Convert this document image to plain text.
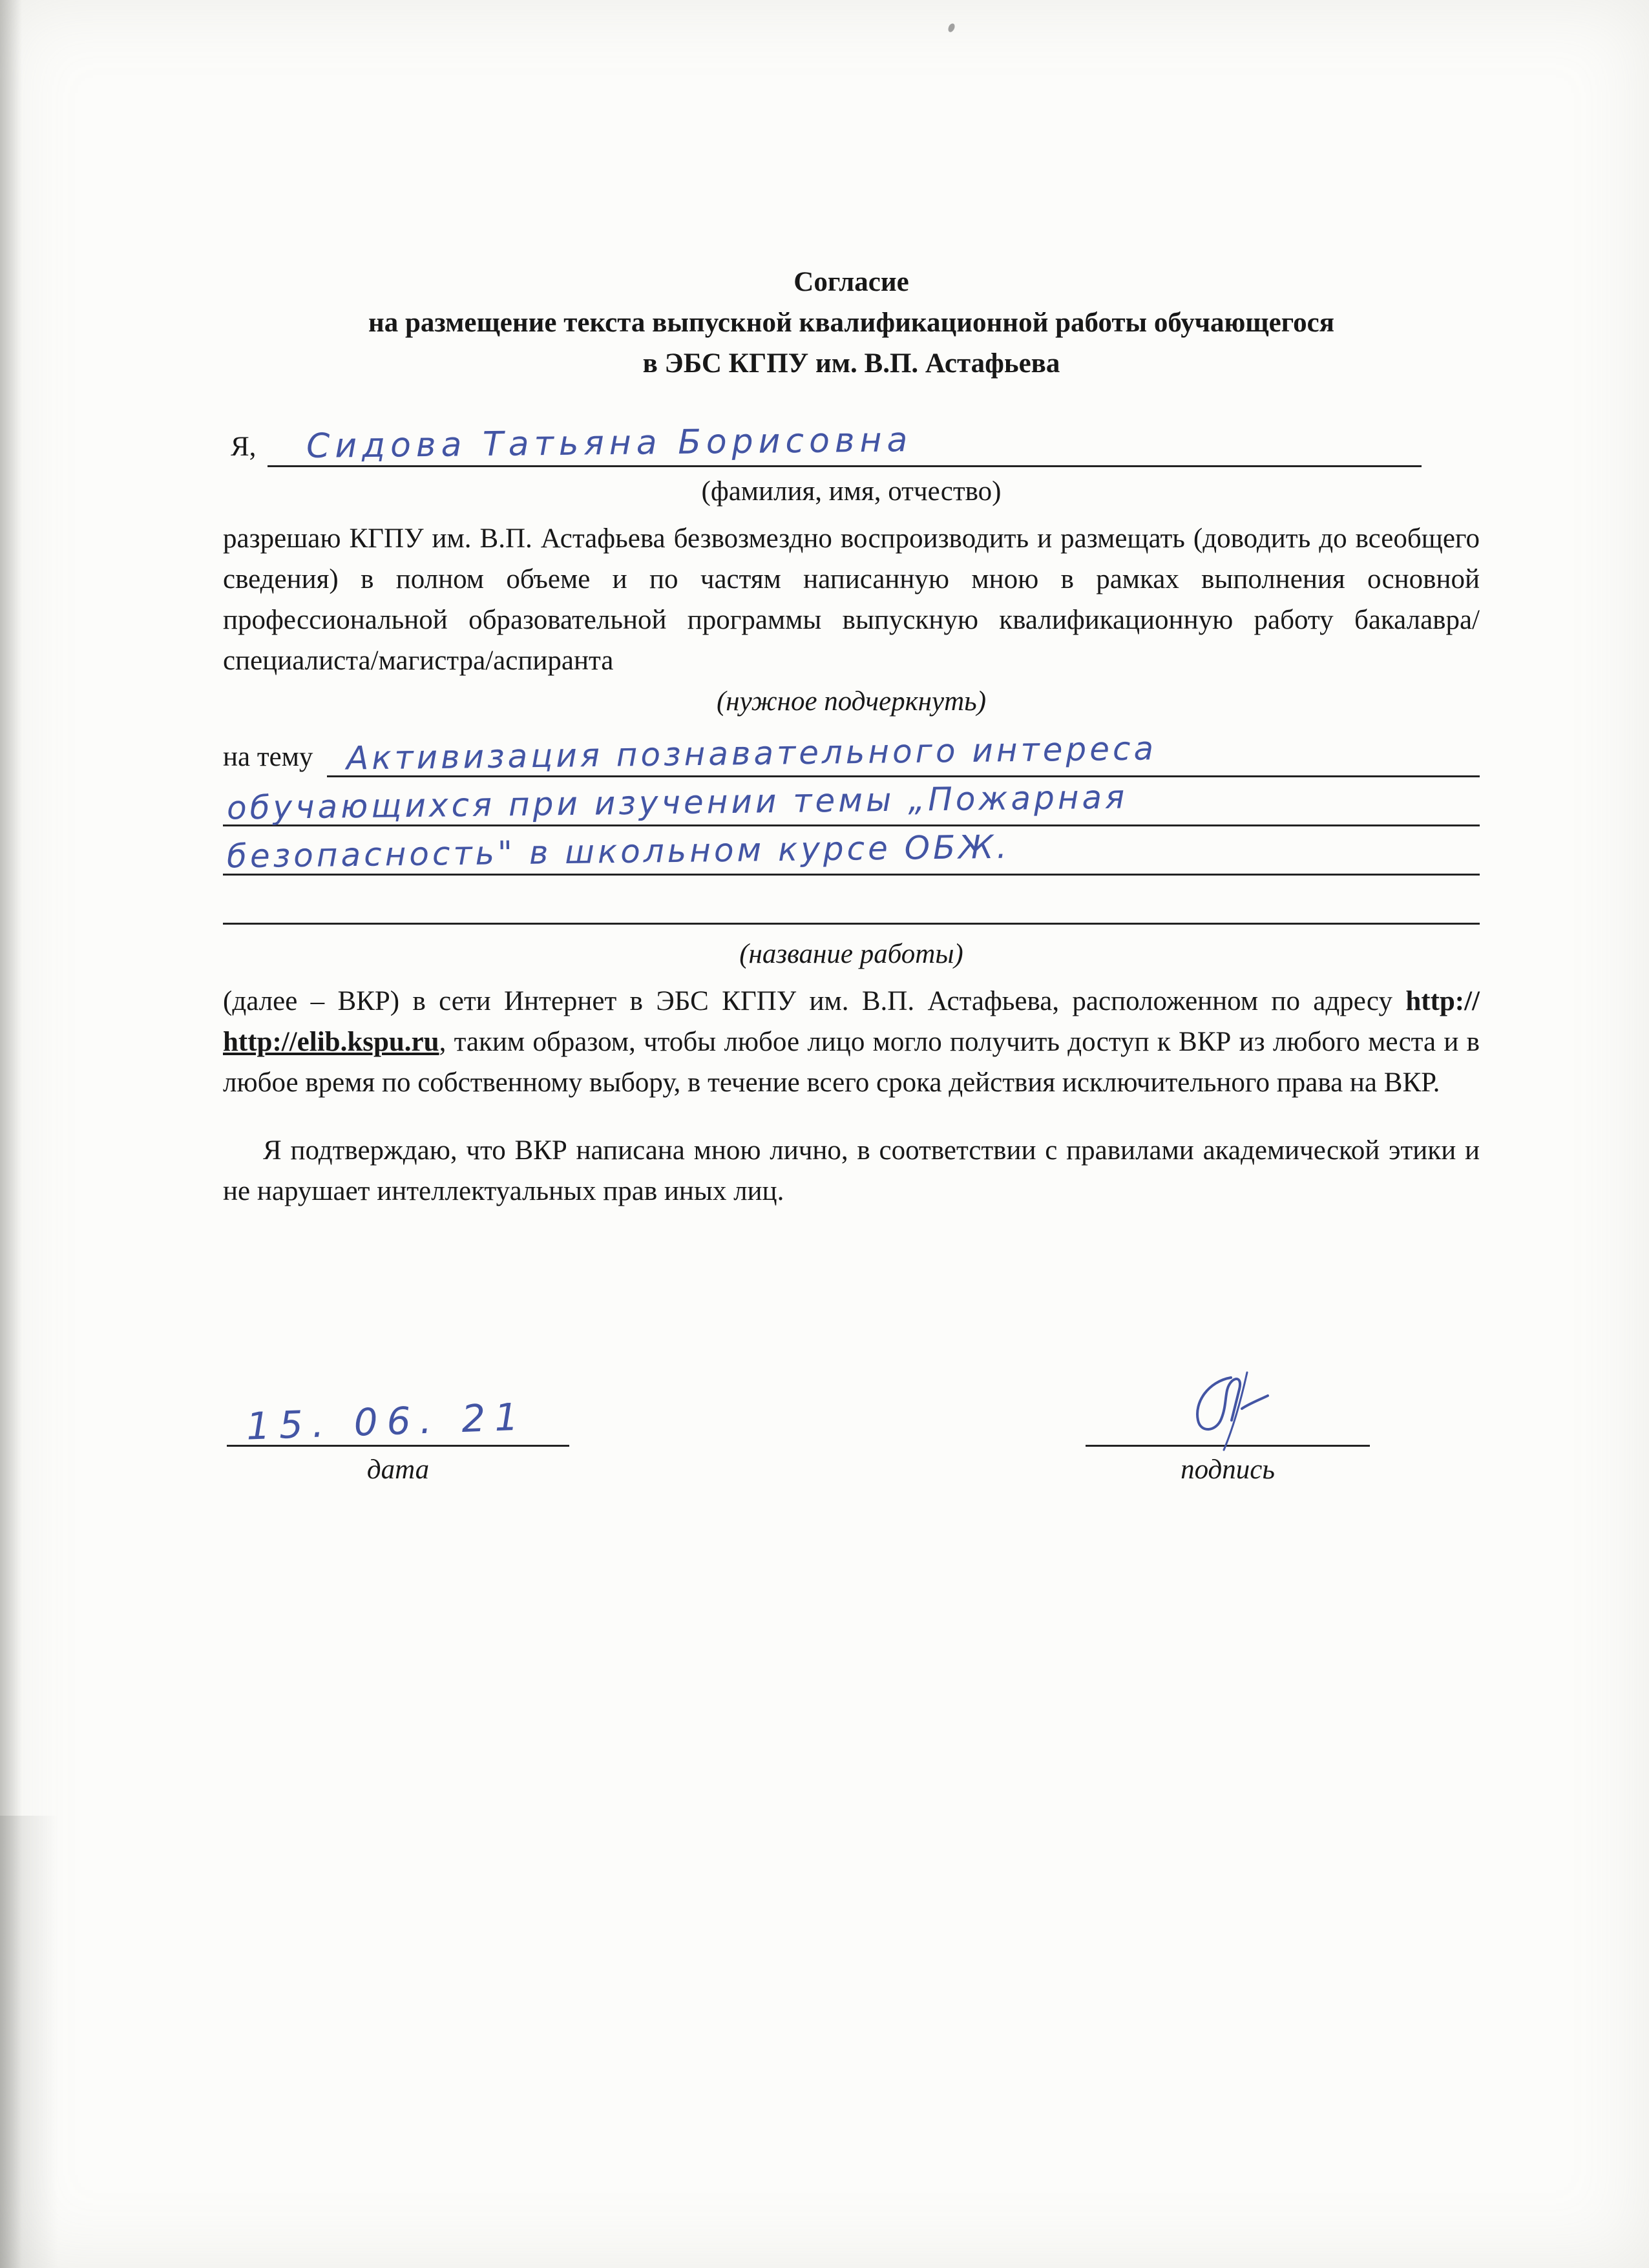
Согласие
на размещение текста выпускной квалификационной работы обучающегося
в ЭБС КГПУ им. В.П. Астафьева
Я, Сидова Татьяна Борисовна
(фамилия, имя, отчество)
разрешаю КГПУ им. В.П. Астафьева безвозмездно воспроизводить и размещать (доводить до всеобщего сведения) в полном объеме и по частям написанную мною в рамках выполнения основной профессиональной образовательной программы выпускную квалификационную работу бакалавра/специалиста/магистра/аспиранта
(нужное подчеркнуть)
на тему Активизация познавательного интереса
обучающихся при изучении темы „Пожарная
безопасность" в школьном курсе ОБЖ.
(название работы)
(далее – ВКР) в сети Интернет в ЭБС КГПУ им. В.П. Астафьева, расположенном по адресу http:// http://elib.kspu.ru, таким образом, чтобы любое лицо могло получить доступ к ВКР из любого места и в любое время по собственному выбору, в течение всего срока действия исключительного права на ВКР.
Я подтверждаю, что ВКР написана мною лично, в соответствии с правилами академической этики и не нарушает интеллектуальных прав иных лиц.
15. 06. 21
дата	подпись
